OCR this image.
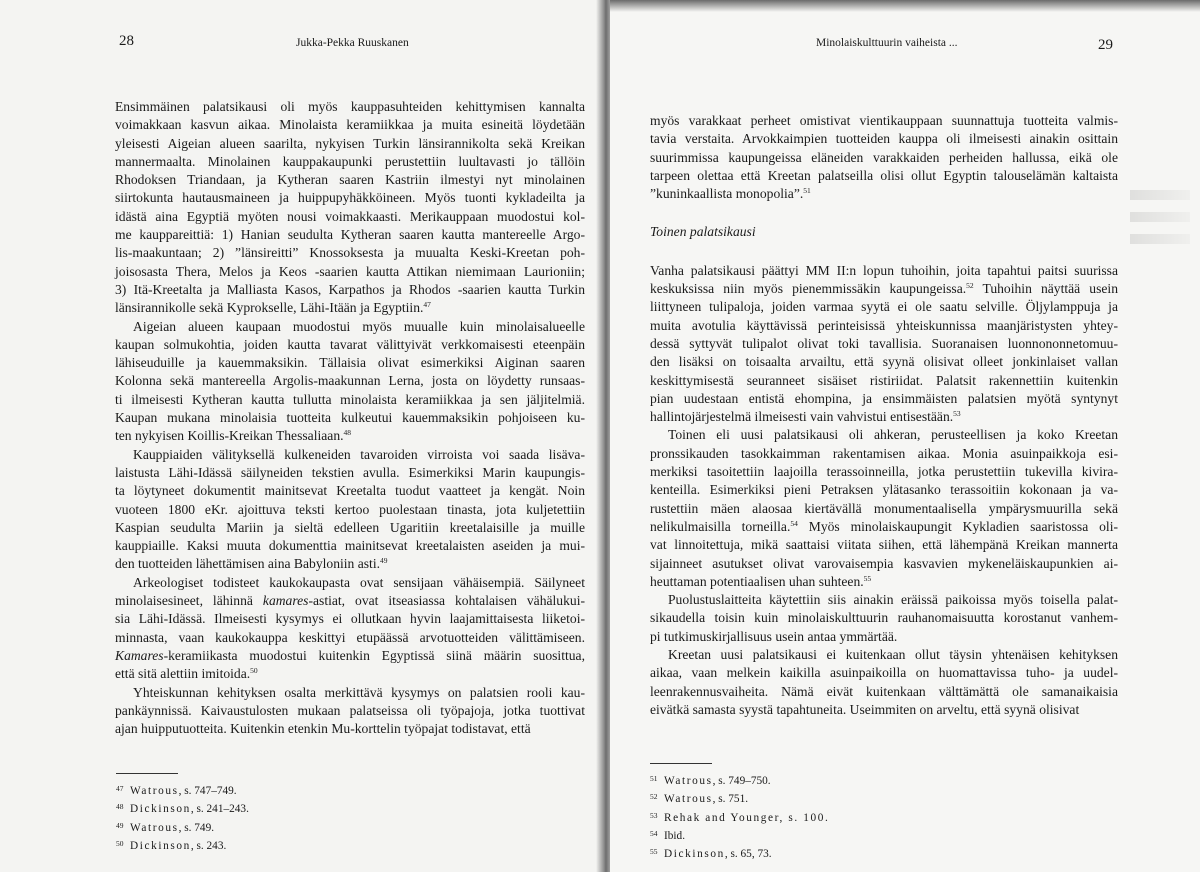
28	Jukka-Pekka Ruuskanen

Ensimmäinen palatsikausi oli myös kauppasuhteiden kehittymisen kannalta
voimakkaan kasvun aikaa. Minolaista keramiikkaa ja muita esineitä löydetään
yleisesti Aigeian alueen saarilta, nykyisen Turkin länsirannikolta sekä Kreikan
mannermaalta. Minolainen kauppakaupunki perustettiin luultavasti jo tällöin
Rhodoksen Triandaan, ja Kytheran saaren Kastriin ilmestyi nyt minolainen
siirtokunta hautausmaineen ja huippupyhäkköineen. Myös tuonti kykladeilta ja
idästä aina Egyptiä myöten nousi voimakkaasti. Merikauppaan muodostui kol-
me kauppareittiä: 1) Hanian seudulta Kytheran saaren kautta mantereelle Argo-
lis-maakuntaan; 2) ”länsireitti” Knossoksesta ja muualta Keski-Kreetan poh-
joisosasta Thera, Melos ja Keos -saarien kautta Attikan niemimaan Laurioniin;
3) Itä-Kreetalta ja Malliasta Kasos, Karpathos ja Rhodos -saarien kautta Turkin
länsirannikolle sekä Kyprokselle, Lähi-Itään ja Egyptiin.$^{47}$

Aigeian alueen kaupaan muodostui myös muualle kuin minolaisalueelle
kaupan solmukohtia, joiden kautta tavarat välittyivät verkkomaisesti eteenpäin
lähiseuduille ja kauemmaksikin. Tällaisia olivat esimerkiksi Aiginan saaren
Kolonna sekä mantereella Argolis-maakunnan Lerna, josta on löydetty runsaas-
ti ilmeisesti Kytheran kautta tullutta minolaista keramiikkaa ja sen jäljitelmiä.
Kaupan mukana minolaisia tuotteita kulkeutui kauemmaksikin pohjoiseen ku-
ten nykyisen Koillis-Kreikan Thessaliaan.$^{48}$

Kauppiaiden välityksellä kulkeneiden tavaroiden virroista voi saada lisäva-
laistusta Lähi-Idässä säilyneiden tekstien avulla. Esimerkiksi Marin kaupungis-
ta löytyneet dokumentit mainitsevat Kreetalta tuodut vaatteet ja kengät. Noin
vuoteen 1800 eKr. ajoittuva teksti kertoo puolestaan tinasta, jota kuljetettiin
Kaspian seudulta Mariin ja sieltä edelleen Ugaritiin kreetalaisille ja muille
kauppiaille. Kaksi muuta dokumenttia mainitsevat kreetalaisten aseiden ja mui-
den tuotteiden lähettämisen aina Babyloniin asti.$^{49}$

Arkeologiset todisteet kaukokaupasta ovat sensijaan vähäisempiä. Säilyneet
minolaisesineet, lähinnä kamares-astiat, ovat itseasiassa kohtalaisen vähälukui-
sia Lähi-Idässä. Ilmeisesti kysymys ei ollutkaan hyvin laajamittaisesta liiketoi-
minnasta, vaan kaukokauppa keskittyi etupäässä arvotuotteiden välittämiseen.
Kamares-keramiikasta muodostui kuitenkin Egyptissä siinä määrin suosittua,
että sitä alettiin imitoida.$^{50}$

Yhteiskunnan kehityksen osalta merkittävä kysymys on palatsien rooli kau-
pankäynnissä. Kaivaustulosten mukaan palatseissa oli työpajoja, jotka tuottivat
ajan huipputuotteita. Kuitenkin etenkin Mu-korttelin työpajat todistavat, että

47 Watrous, s. 747–749.
48 Dickinson, s. 241–243.
49 Watrous, s. 749.
50 Dickinson, s. 243.
Minolaiskulttuurin vaiheista ...	29

myös varakkaat perheet omistivat vientikauppaan suunnattuja tuotteita valmis-
tavia verstaita. Arvokkaimpien tuotteiden kauppa oli ilmeisesti ainakin osittain
suurimmissa kaupungeissa eläneiden varakkaiden perheiden hallussa, eikä ole
tarpeen olettaa että Kreetan palatseilla olisi ollut Egyptin talouselämän kaltaista
”kuninkaallista monopolia”.$^{51}$

Toinen palatsikausi

Vanha palatsikausi päättyi MM II:n lopun tuhoihin, joita tapahtui paitsi suurissa
keskuksissa niin myös pienemmissäkin kaupungeissa.$^{52}$ Tuhoihin näyttää usein
liittyneen tulipaloja, joiden varmaa syytä ei ole saatu selville. Öljylamppuja ja
muita avotulia käyttävissä perinteisissä yhteiskunnissa maanjäristysten yhtey-
dessä syttyvät tulipalot olivat toki tavallisia. Suoranaisen luonnononnetomuu-
den lisäksi on toisaalta arvailtu, että syynä olisivat olleet jonkinlaiset vallan
keskittymisestä seuranneet sisäiset ristiriidat. Palatsit rakennettiin kuitenkin
pian uudestaan entistä ehompina, ja ensimmäisten palatsien myötä syntynyt
hallintojärjestelmä ilmeisesti vain vahvistui entisestään.$^{53}$

Toinen eli uusi palatsikausi oli ahkeran, perusteellisen ja koko Kreetan
pronssikauden tasokkaimman rakentamisen aikaa. Monia asuinpaikkoja esi-
merkiksi tasoitettiin laajoilla terassoinneilla, jotka perustettiin tukevilla kivira-
kenteilla. Esimerkiksi pieni Petraksen ylätasanko terassoitiin kokonaan ja va-
rustettiin mäen alaosaa kiertävällä monumentaalisella ympärysmuurilla sekä
nelikulmaisilla torneilla.$^{54}$ Myös minolaiskaupungit Kykladien saaristossa oli-
vat linnoitettuja, mikä saattaisi viitata siihen, että lähempänä Kreikan mannerta
sijainneet asutukset olivat varovaisempia kasvavien mykeneläiskaupunkien ai-
heuttaman potentiaalisen uhan suhteen.$^{55}$

Puolustuslaitteita käytettiin siis ainakin eräissä paikoissa myös toisella palat-
sikaudella toisin kuin minolaiskulttuurin rauhanomaisuutta korostanut vanhem-
pi tutkimuskirjallisuus usein antaa ymmärtää.

Kreetan uusi palatsikausi ei kuitenkaan ollut täysin yhtenäisen kehityksen
aikaa, vaan melkein kaikilla asuinpaikoilla on huomattavissa tuho- ja uudel-
leenrakennusvaiheita. Nämä eivät kuitenkaan välttämättä ole samanaikaisia
eivätkä samasta syystä tapahtuneita. Useimmiten on arveltu, että syynä olisivat

51 Watrous, s. 749–750.
52 Watrous, s. 751.
53 Rehak and Younger, s. 100.
54 Ibid.
55 Dickinson, s. 65, 73.
